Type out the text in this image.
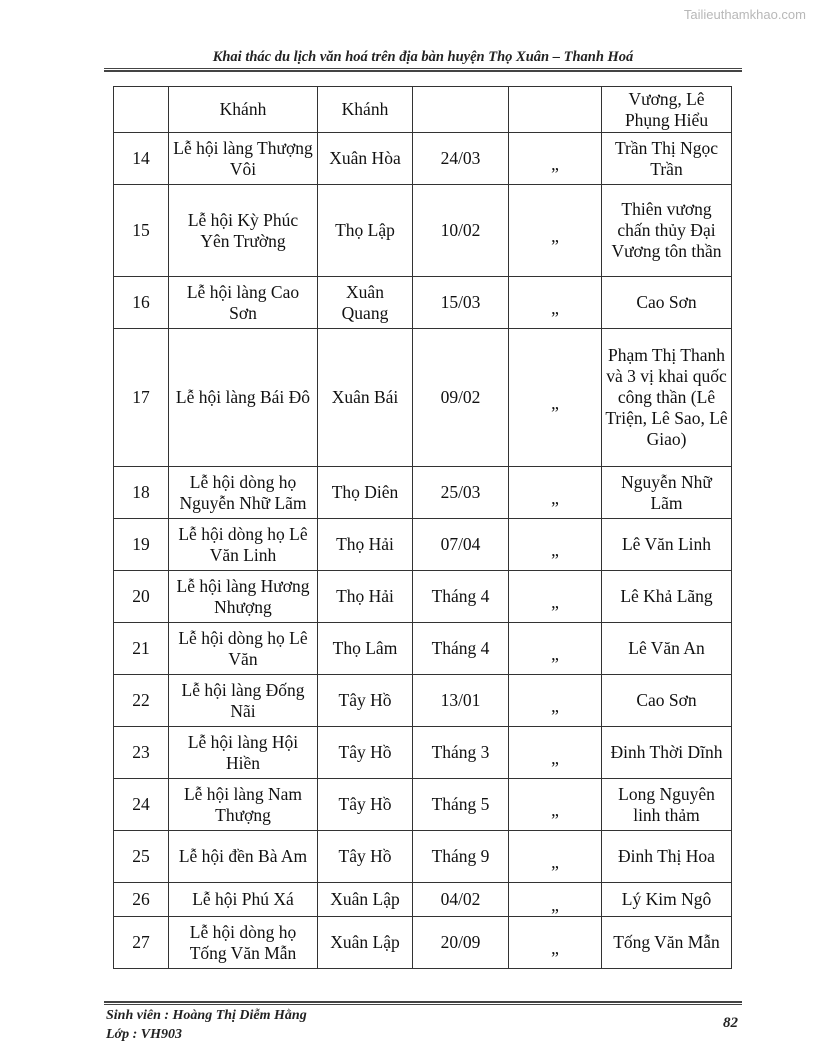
Tailieuthamkhao.com
Khai thác du lịch văn hoá trên địa bàn huyện Thọ Xuân – Thanh Hoá
	Khánh	Khánh			Vương, Lê Phụng Hiểu
14	Lễ hội làng Thượng Vôi	Xuân Hòa	24/03	„	Trần Thị Ngọc Trần
15	Lễ hội Kỳ Phúc Yên Trường	Thọ Lập	10/02	„	Thiên vương chấn thủy Đại Vương tôn thần
16	Lễ hội làng Cao Sơn	Xuân Quang	15/03	„	Cao Sơn
17	Lễ hội làng Bái Đô	Xuân Bái	09/02	„	Phạm Thị Thanh và 3 vị khai quốc công thần (Lê Triện, Lê Sao, Lê Giao)
18	Lễ hội dòng họ Nguyễn Nhữ Lãm	Thọ Diên	25/03	„	Nguyễn Nhữ Lãm
19	Lễ hội dòng họ Lê Văn Linh	Thọ Hải	07/04	„	Lê Văn Linh
20	Lễ hội làng Hương Nhượng	Thọ Hải	Tháng 4	„	Lê Khả Lãng
21	Lễ hội dòng họ Lê Văn	Thọ Lâm	Tháng 4	„	Lê Văn An
22	Lễ hội làng Đống Nãi	Tây Hồ	13/01	„	Cao Sơn
23	Lễ hội làng Hội Hiền	Tây Hồ	Tháng 3	„	Đinh Thời Dĩnh
24	Lễ hội làng Nam Thượng	Tây Hồ	Tháng 5	„	Long Nguyên linh thảm
25	Lễ hội đền Bà Am	Tây Hồ	Tháng 9	„	Đinh Thị Hoa
26	Lễ hội Phú Xá	Xuân Lập	04/02	„	Lý Kim Ngô
27	Lễ hội dòng họ Tống Văn Mẫn	Xuân Lập	20/09	„	Tống Văn Mẫn
Sinh viên : Hoàng Thị Diễm Hằng
Lớp : VH903
82
